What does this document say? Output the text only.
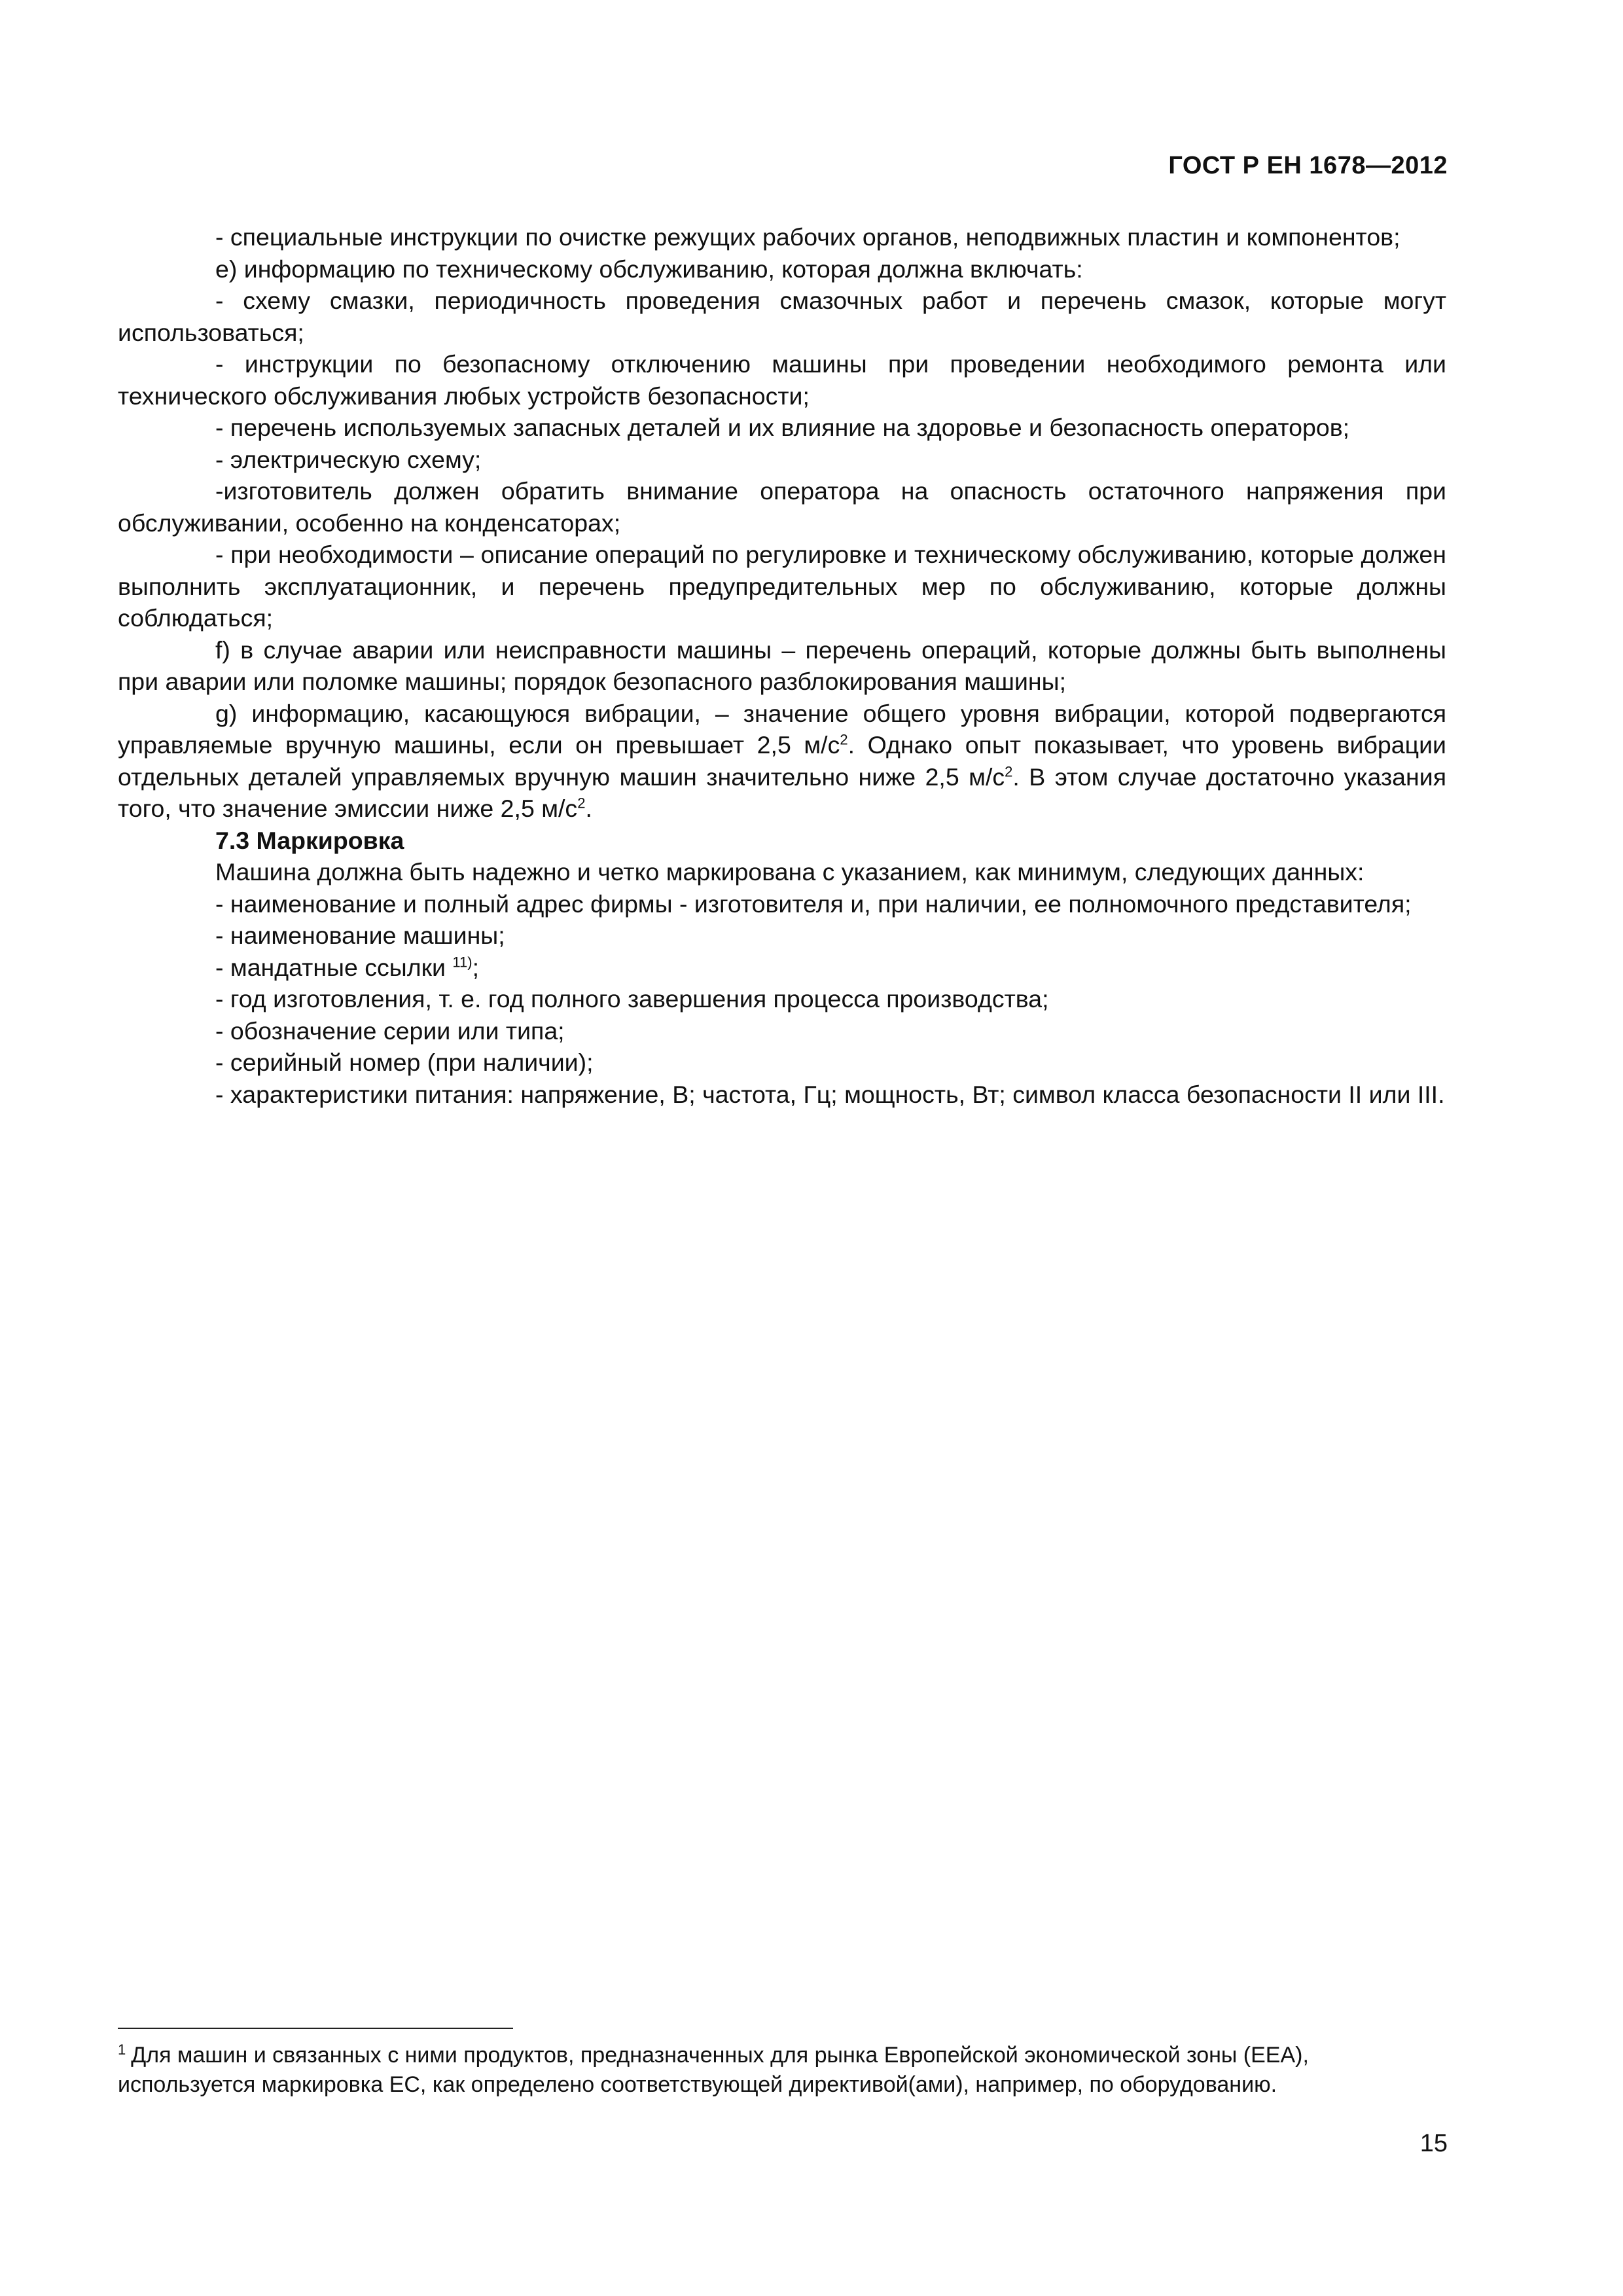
ГОСТ Р ЕН 1678—2012

- специальные инструкции по очистке режущих рабочих органов, неподвижных пластин и компонентов;

е) информацию по техническому обслуживанию, которая должна включать:

- схему смазки, периодичность проведения смазочных работ и перечень смазок, которые могут использоваться;

- инструкции по безопасному отключению машины при проведении необходимого ремонта или технического обслуживания любых устройств безопасности;

- перечень используемых запасных деталей и их влияние на здоровье и безопасность операторов;

- электрическую схему;

-изготовитель должен обратить внимание оператора на опасность остаточного напряжения при обслуживании, особенно на конденсаторах;

- при необходимости – описание операций по регулировке и техническому обслуживанию, которые должен выполнить эксплуатационник, и перечень предупредительных мер по обслуживанию, которые должны соблюдаться;

f) в случае аварии или неисправности машины – перечень операций, которые должны быть выполнены при аварии или поломке машины; порядок безопасного разблокирования машины;

g) информацию, касающуюся вибрации, – значение общего уровня вибрации, которой подвергаются управляемые вручную машины, если он превышает 2,5 $м/с^2$. Однако опыт показывает, что уровень вибрации отдельных деталей управляемых вручную машин значительно ниже 2,5 $м/с^2$. В этом случае достаточно указания того, что значение эмиссии ниже 2,5 $м/с^2$.

7.3 Маркировка

Машина должна быть надежно и четко маркирована с указанием, как минимум, следующих данных:

- наименование и полный адрес фирмы - изготовителя и, при наличии, ее полномочного представителя;

- наименование машины;

- мандатные ссылки $^{11)}$;

- год изготовления, т. е. год полного завершения процесса производства;

- обозначение серии или типа;

- серийный номер (при наличии);

- характеристики питания: напряжение, В; частота, Гц; мощность, Вт; символ класса безопасности II или III.

$^1$ Для машин и связанных с ними продуктов, предназначенных для рынка Европейской экономической зоны (ЕЕА), используется маркировка ЕС, как определено соответствующей директивой(ами), например, по оборудованию.
15
